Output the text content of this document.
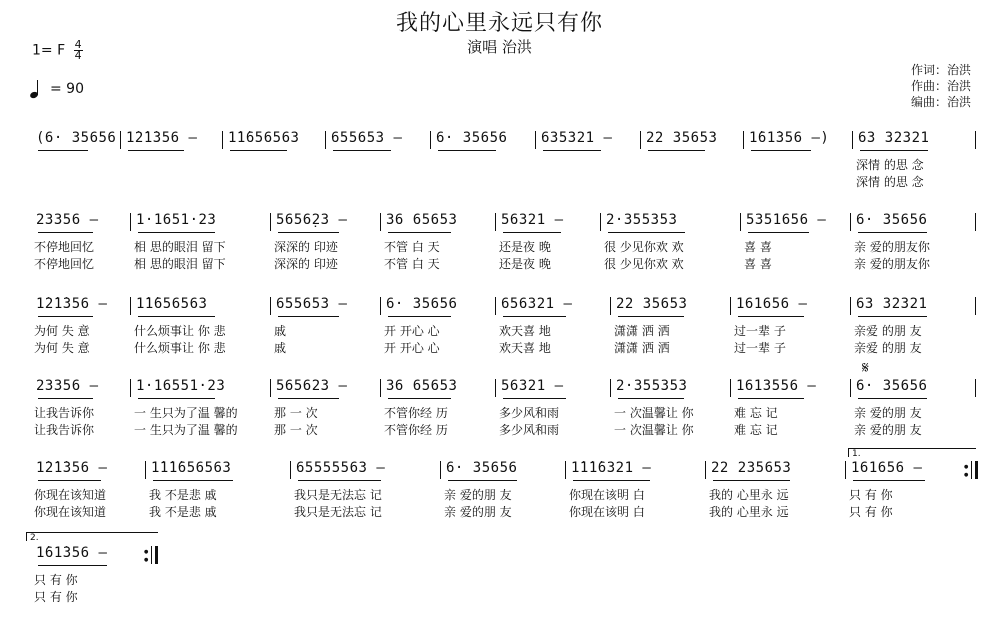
我的心里永远只有你
演唱 治洪
1= F $\frac{4}{4}$
= 90
作词：治洪
作曲：治洪
编曲：治洪
(6· 35656 1̇2̇1̇356 —	1̇1̇656563	655653 —	6· 35656	635321 —	22 35653	1̇61̇356 —)	63 32321
深情 的思 念
深情 的思 念
23356 —
不停地回忆
不停地回忆
1·1651·23
相 思的眼泪 留下
相 思的眼泪 留下
5656̣23 —
深深的 印迹
深深的 印迹
36 65653
不管 白 天
不管 白 天
56321 —
还是夜 晚
还是夜 晚
2·355353
很 少见你欢 欢
很 少见你欢 欢
5351656 —
喜 喜
喜 喜
6· 35656
亲 爱的朋友你
亲 爱的朋友你
1̇2̇1̇356 —
为何 失 意
为何 失 意
1̇1̇656563
什么烦事让 你 悲
什么烦事让 你 悲
655653 —
戚
戚
6· 35656
开 开心 心
开 开心 心
656321 —
欢天喜 地
欢天喜 地
22 35653
潇潇 洒 洒
潇潇 洒 洒
161656 —
过一辈 子
过一辈 子
63 32321
亲爱 的朋 友
亲爱 的朋 友
23356 —
让我告诉你
让我告诉你
1·16551·23
一 生只为了温 馨的
一 生只为了温 馨的
565623 —
那 一 次
那 一 次
36 65653
不管你经 历
不管你经 历
56321 —
多少风和雨
多少风和雨
2·355353
一 次温馨让 你
一 次温馨让 你
1613556 —
难 忘 记
难 忘 记
6· 35656
亲 爱的朋 友
亲 爱的朋 友
1̇2̇1̇356 —
你现在该知道
你现在该知道
1̇1̇1̇656563
我 不是悲 戚
我 不是悲 戚
65555563 —
我只是无法忘 记
我只是无法忘 记
6· 35656
亲 爱的朋 友
亲 爱的朋 友
1̇1̇1̇6321 —
你现在该明 白
你现在该明 白
22 235653
我的 心里永 远
我的 心里永 远
161656 —
只 有 你
只 有 你
●
●
1̇61̇356 —
只 有 你
只 有 你
●
●
1.
2.
𝄋
